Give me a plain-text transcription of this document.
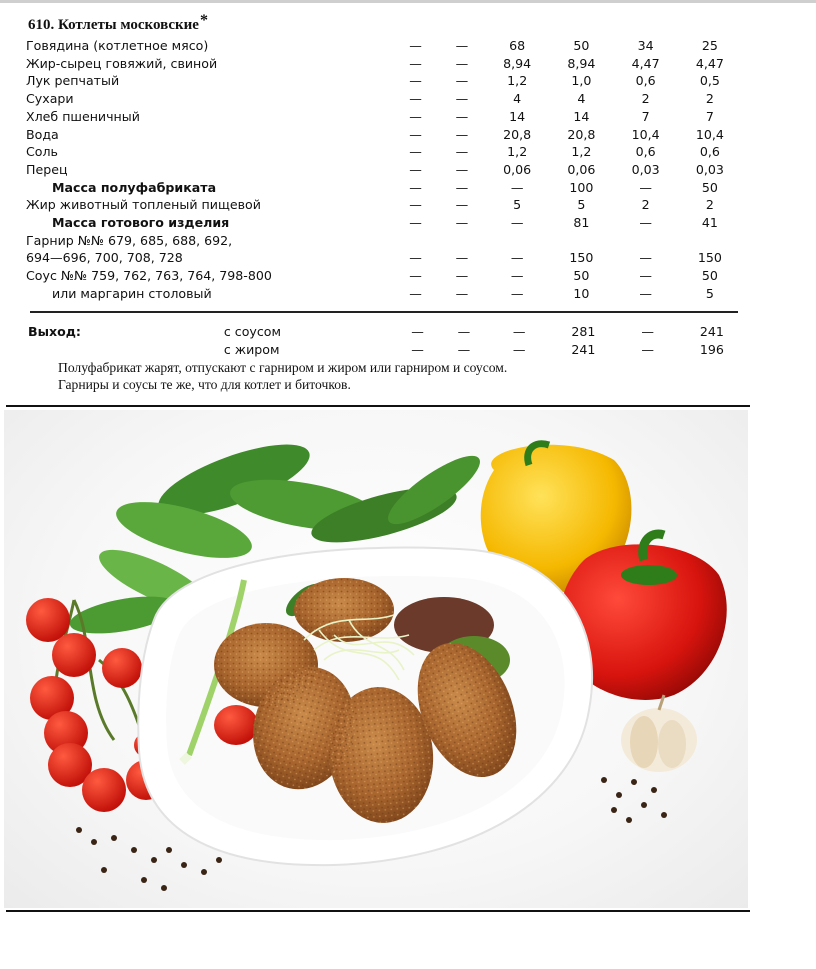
610. Котлеты московские*
Говядина (котлетное мясо)	—	—	68	50	34	25
Жир-сырец говяжий, свиной	—	—	8,94	8,94	4,47	4,47
Лук репчатый	—	—	1,2	1,0	0,6	0,5
Сухари	—	—	4	4	2	2
Хлеб пшеничный	—	—	14	14	7	7
Вода	—	—	20,8	20,8	10,4	10,4
Соль	—	—	1,2	1,2	0,6	0,6
Перец	—	—	0,06	0,06	0,03	0,03
Масса полуфабриката	—	—	—	100	—	50
Жир животный топленый пищевой	—	—	5	5	2	2
Масса готового изделия	—	—	—	81	—	41
Гарнир №№ 679, 685, 688, 692,						
694—696, 700, 708, 728	—	—	—	150	—	150
Соус №№ 759, 762, 763, 764, 798-800	—	—	—	50	—	50
или маргарин столовый	—	—	—	10	—	5
Выход:	с соусом	—	—	—	281	—	241
	с жиром	—	—	—	241	—	196

Полуфабрикат жарят, отпускают с гарниром и жиром или гарниром и соусом.

Гарниры и соусы те же, что для котлет и биточков.
